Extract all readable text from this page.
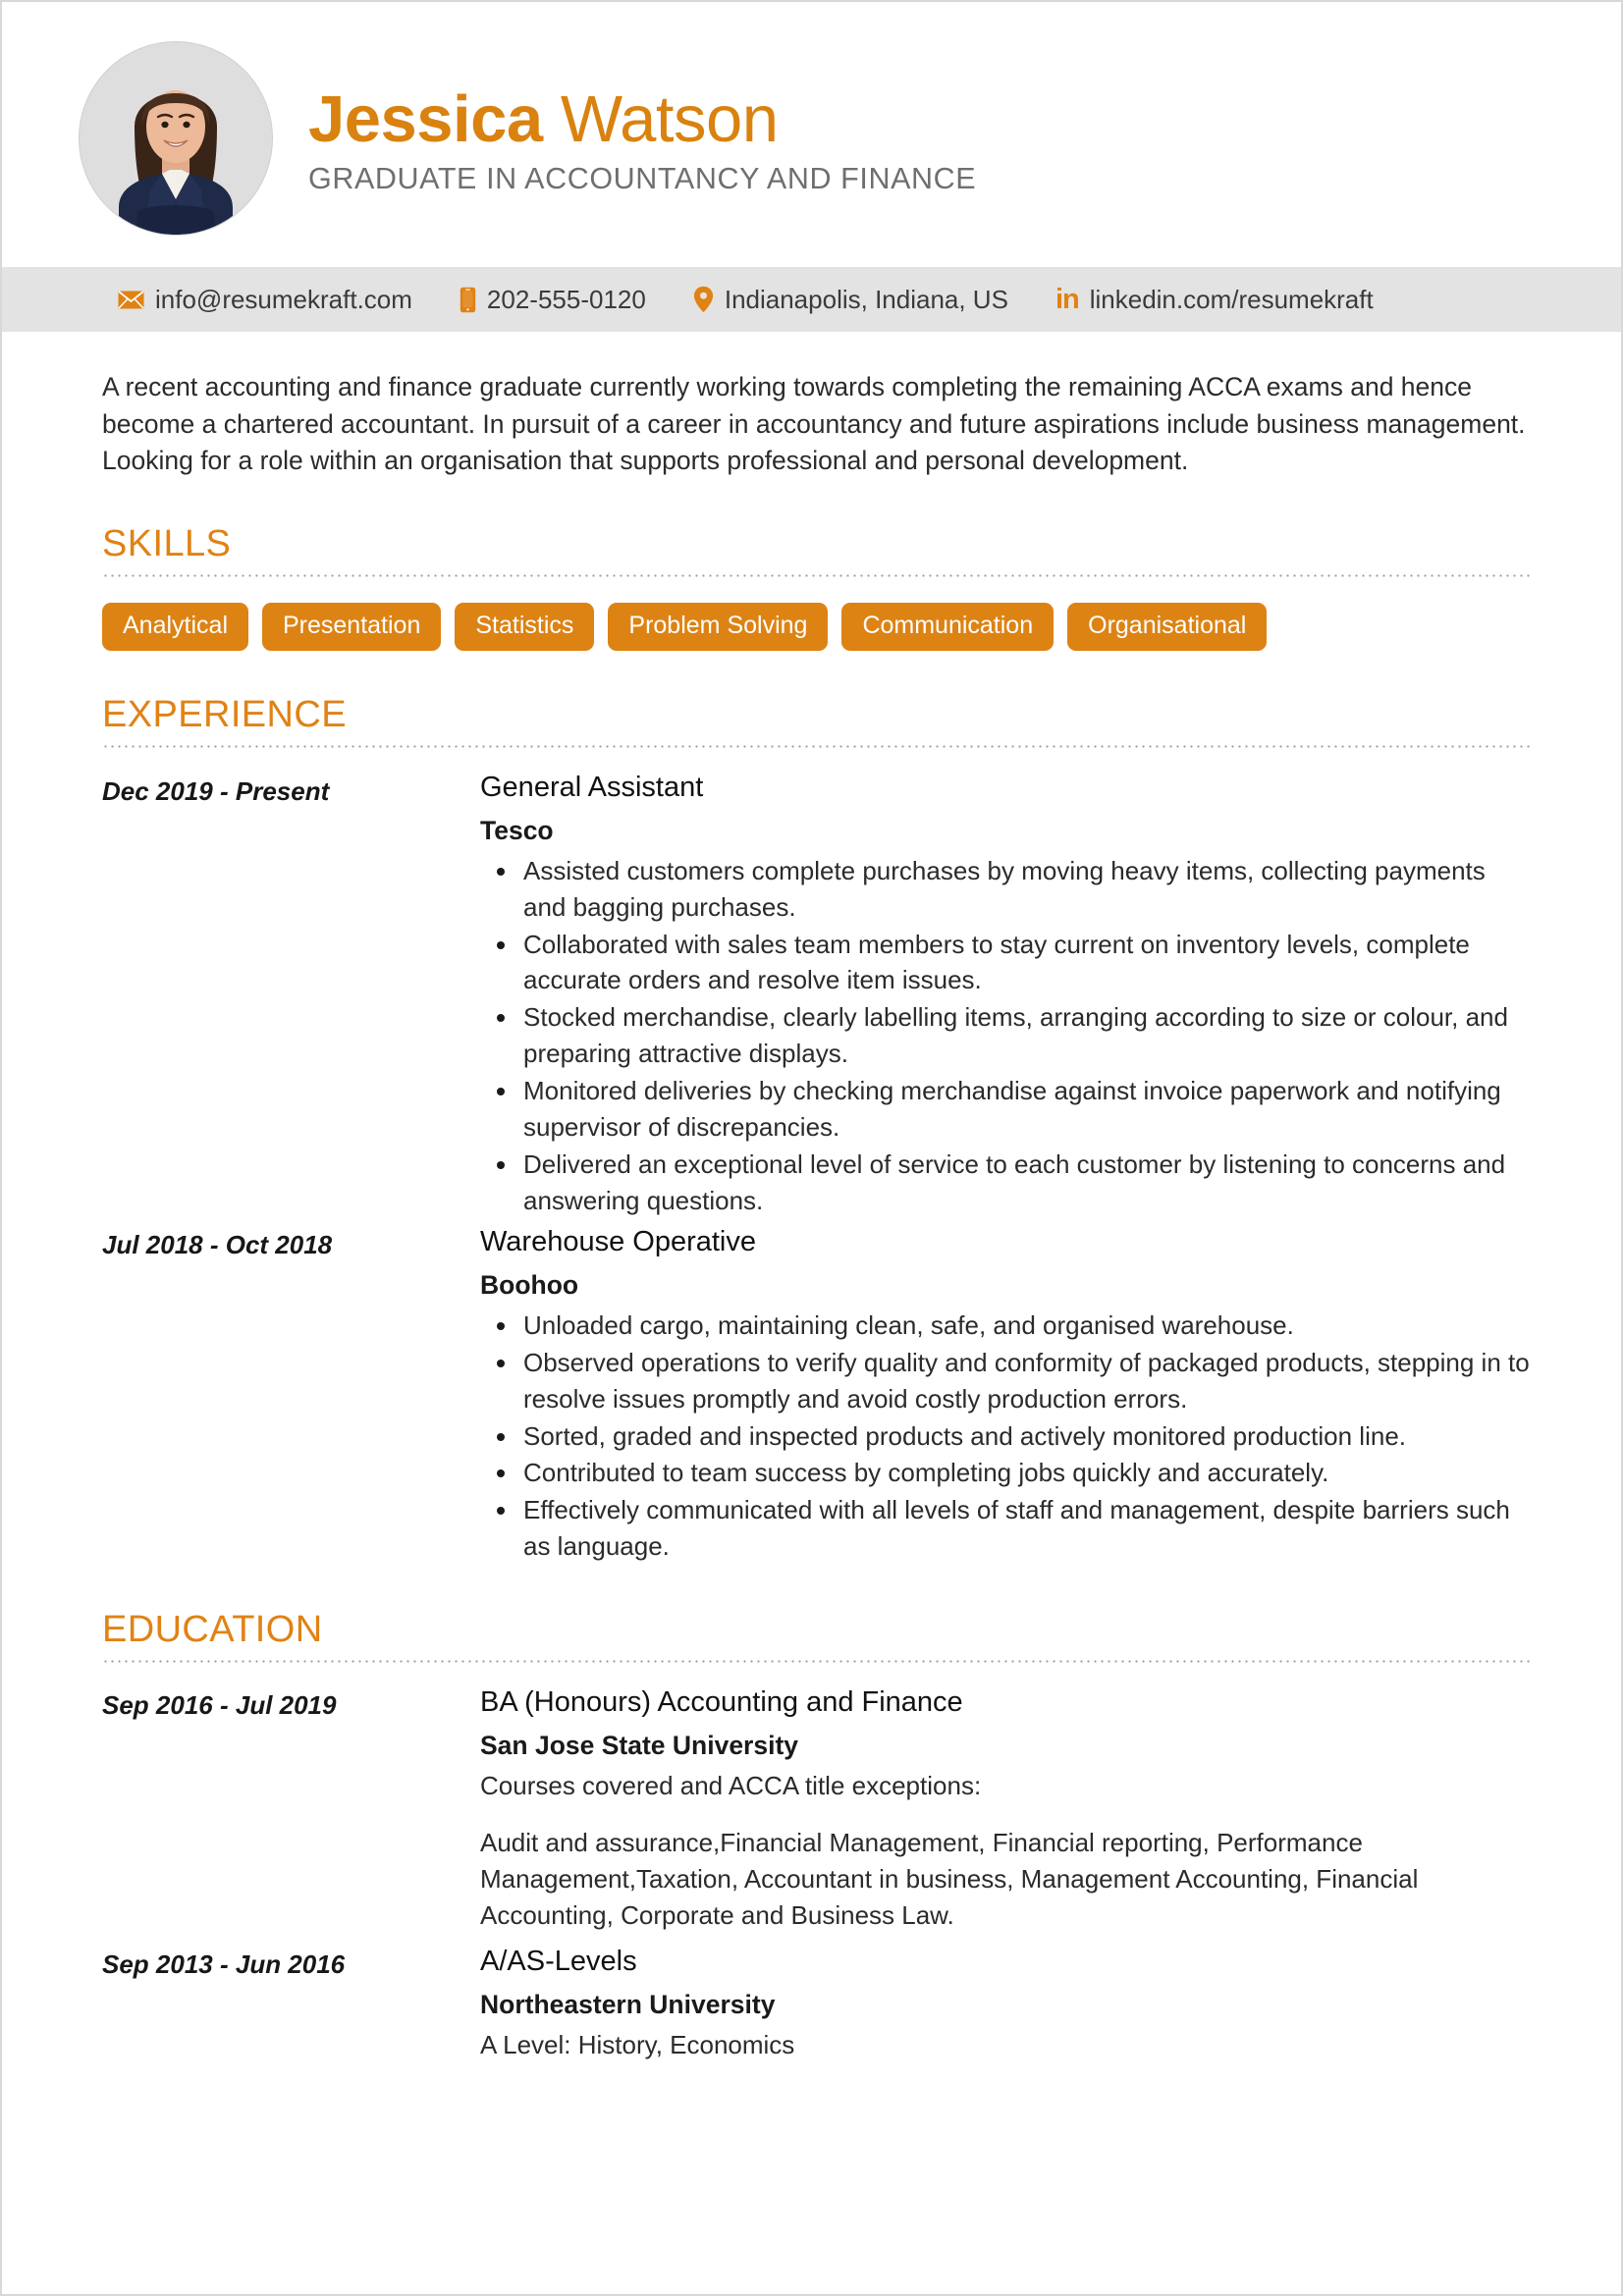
Jessica Watson
GRADUATE IN ACCOUNTANCY AND FINANCE
info@resumekraft.com	202-555-0120	Indianapolis, Indiana, US in linkedin.com/resumekraft
A recent accounting and finance graduate currently working towards completing the remaining ACCA exams and hence become a chartered accountant. In pursuit of a career in accountancy and future aspirations include business management. Looking for a role within an organisation that supports professional and personal development.
SKILLS
Analytical	Presentation	Statistics	Problem Solving	Communication	Organisational
EXPERIENCE
Dec 2019 - Present	General Assistant
Tesco
Assisted customers complete purchases by moving heavy items, collecting payments and bagging purchases.
Collaborated with sales team members to stay current on inventory levels, complete accurate orders and resolve item issues.
Stocked merchandise, clearly labelling items, arranging according to size or colour, and preparing attractive displays.
Monitored deliveries by checking merchandise against invoice paperwork and notifying supervisor of discrepancies.
Delivered an exceptional level of service to each customer by listening to concerns and answering questions.
Jul 2018 - Oct 2018	Warehouse Operative
Boohoo
Unloaded cargo, maintaining clean, safe, and organised warehouse.
Observed operations to verify quality and conformity of packaged products, stepping in to resolve issues promptly and avoid costly production errors.
Sorted, graded and inspected products and actively monitored production line.
Contributed to team success by completing jobs quickly and accurately.
Effectively communicated with all levels of staff and management, despite barriers such as language.
EDUCATION
Sep 2016 - Jul 2019	BA (Honours) Accounting and Finance
San Jose State University
Courses covered and ACCA title exceptions:
Audit and assurance,Financial Management, Financial reporting, Performance Management,Taxation, Accountant in business, Management Accounting, Financial Accounting, Corporate and Business Law.
Sep 2013 - Jun 2016	A/AS-Levels
Northeastern University
A Level: History, Economics
